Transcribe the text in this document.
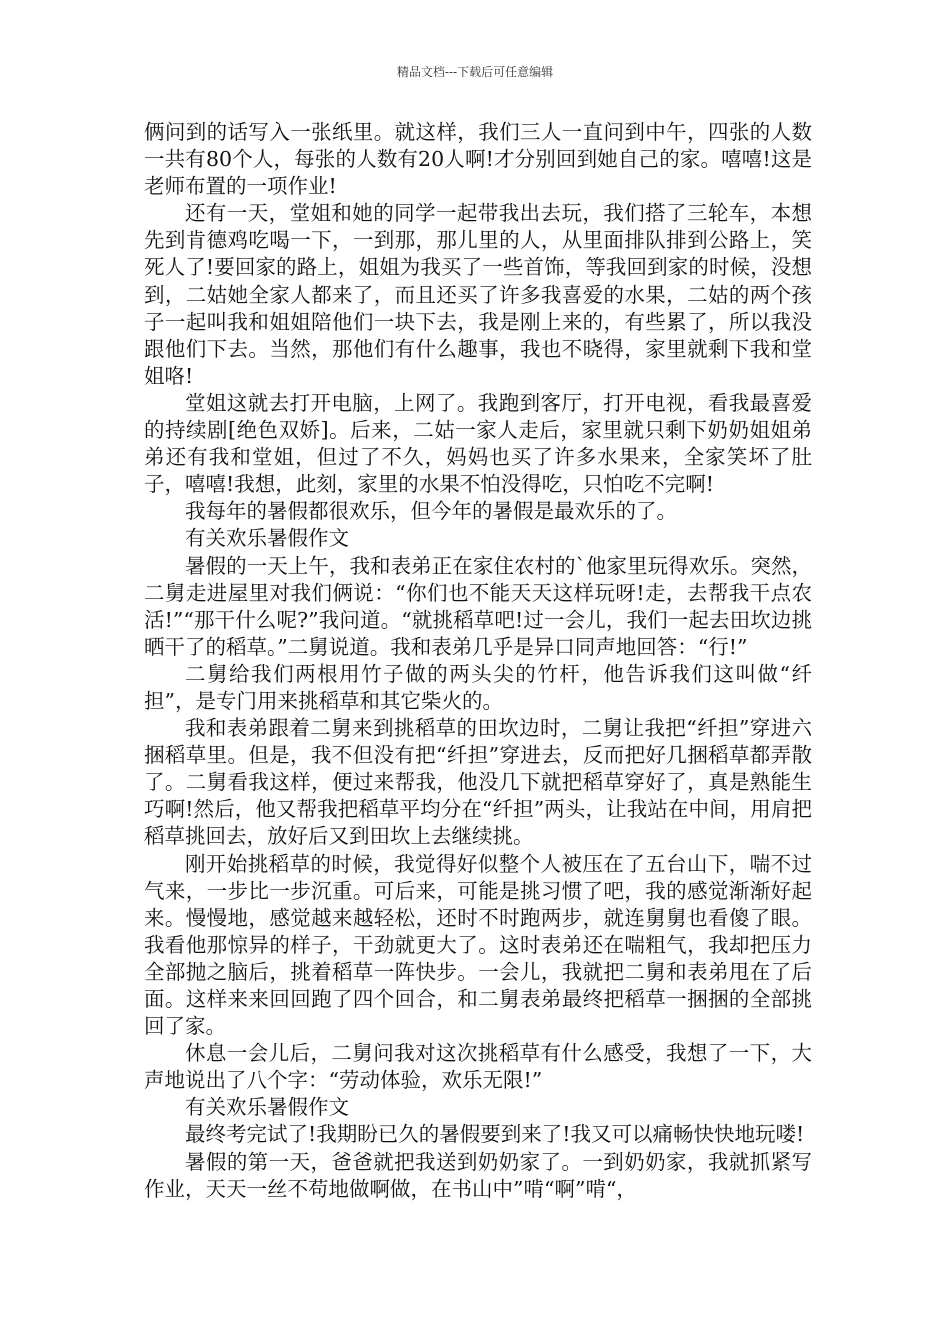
精品文档---下载后可任意编辑

俩问到的话写入一张纸里。就这样，我们三人一直问到中午，四张的人数一共有80个人，每张的人数有20人啊!才分别回到她自己的家。嘻嘻!这是老师布置的一项作业!

还有一天，堂姐和她的同学一起带我出去玩，我们搭了三轮车，本想先到肯德鸡吃喝一下，一到那，那儿里的人，从里面排队排到公路上，笑死人了!要回家的路上，姐姐为我买了一些首饰，等我回到家的时候，没想到，二姑她全家人都来了，而且还买了许多我喜爱的水果，二姑的两个孩子一起叫我和姐姐陪他们一块下去，我是刚上来的，有些累了，所以我没跟他们下去。当然，那他们有什么趣事，我也不晓得，家里就剩下我和堂姐咯!

堂姐这就去打开电脑，上网了。我跑到客厅，打开电视，看我最喜爱的持续剧[绝色双娇]。后来，二姑一家人走后，家里就只剩下奶奶姐姐弟弟还有我和堂姐，但过了不久，妈妈也买了许多水果来，全家笑坏了肚子，嘻嘻!我想，此刻，家里的水果不怕没得吃，只怕吃不完啊!

我每年的暑假都很欢乐，但今年的暑假是最欢乐的了。

有关欢乐暑假作文

暑假的一天上午，我和表弟正在家住农村的`他家里玩得欢乐。突然，二舅走进屋里对我们俩说：“你们也不能天天这样玩呀!走，去帮我干点农活!”“那干什么呢?”我问道。“就挑稻草吧!过一会儿，我们一起去田坎边挑晒干了的稻草。”二舅说道。我和表弟几乎是异口同声地回答：“行!”

二舅给我们两根用竹子做的两头尖的竹杆，他告诉我们这叫做“纤担”，是专门用来挑稻草和其它柴火的。

我和表弟跟着二舅来到挑稻草的田坎边时，二舅让我把“纤担”穿进六捆稻草里。但是，我不但没有把“纤担”穿进去，反而把好几捆稻草都弄散了。二舅看我这样，便过来帮我，他没几下就把稻草穿好了，真是熟能生巧啊!然后，他又帮我把稻草平均分在“纤担”两头，让我站在中间，用肩把稻草挑回去，放好后又到田坎上去继续挑。

刚开始挑稻草的时候，我觉得好似整个人被压在了五台山下，喘不过气来，一步比一步沉重。可后来，可能是挑习惯了吧，我的感觉渐渐好起来。慢慢地，感觉越来越轻松，还时不时跑两步，就连舅舅也看傻了眼。我看他那惊异的样子，干劲就更大了。这时表弟还在喘粗气，我却把压力全部抛之脑后，挑着稻草一阵快步。一会儿，我就把二舅和表弟甩在了后面。这样来来回回跑了四个回合，和二舅表弟最终把稻草一捆捆的全部挑回了家。

休息一会儿后，二舅问我对这次挑稻草有什么感受，我想了一下，大声地说出了八个字：“劳动体验，欢乐无限!”

有关欢乐暑假作文

最终考完试了!我期盼已久的暑假要到来了!我又可以痛畅快快地玩喽!

暑假的第一天，爸爸就把我送到奶奶家了。一到奶奶家，我就抓紧写作业，天天一丝不苟地做啊做，在书山中”啃“啊”啃“，
